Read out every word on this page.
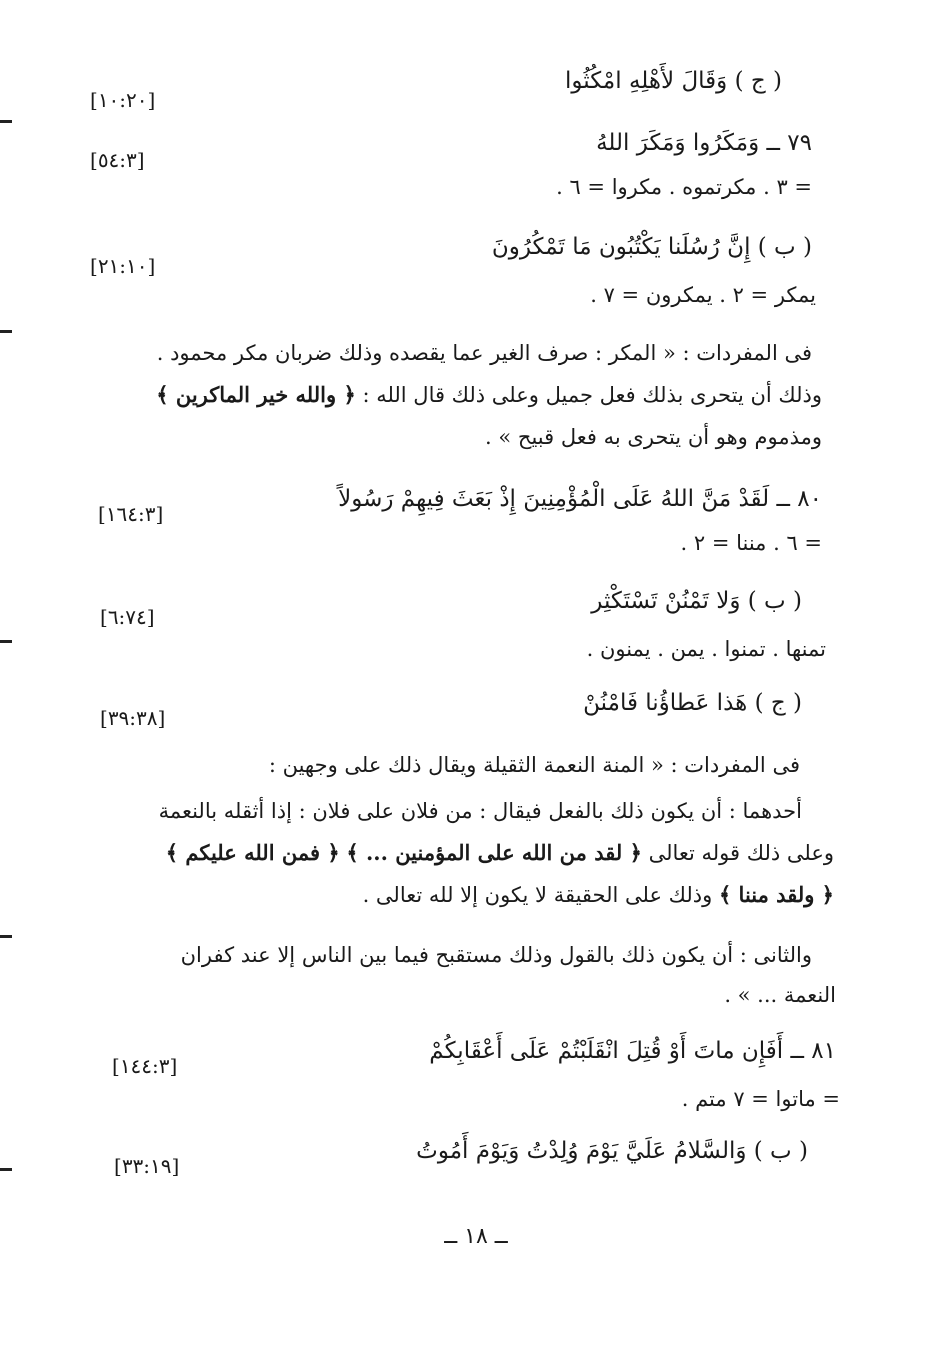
( ج ) وَقَالَ لأَهْلِهِ امْكُثُوا
[١٠:٢٠]
٧٩ ــ وَمَكَرُوا وَمَكَرَ اللهُ
[٥٤:٣]
= ٣ . مكرتموه . مكروا = ٦ .
( ب ) إِنَّ رُسُلَنا يَكْتُبُون مَا تَمْكُرُونَ
[٢١:١٠]
يمكر = ٢ . يمكرون = ٧ .
فى المفردات : « المكر : صرف الغير عما يقصده وذلك ضربان مكر محمود .
وذلك أن يتحرى بذلك فعل جميل وعلى ذلك قال الله : ﴿ والله خير الماكرين ﴾
ومذموم وهو أن يتحرى به فعل قبيح » .
٨٠ ــ لَقَدْ مَنَّ اللهُ عَلَى الْمُؤْمِنِينَ إِذْ بَعَثَ فِيهِمْ رَسُولاً
[١٦٤:٣]
= ٦ . مننا = ٢ .
( ب ) وَلا تَمْنُنْ تَسْتَكْثِر
[٦:٧٤]
تمنها . تمنوا . يمن . يمنون .
( ج ) هَذا عَطاؤُنا فَامْنُنْ
[٣٩:٣٨]
فى المفردات : « المنة النعمة الثقيلة ويقال ذلك على وجهين :
أحدهما : أن يكون ذلك بالفعل فيقال : من فلان على فلان : إذا أثقله بالنعمة
وعلى ذلك قوله تعالى ﴿ لقد من الله على المؤمنين ... ﴾ ﴿ فمن الله عليكم ﴾
﴿ ولقد مننا ﴾ وذلك على الحقيقة لا يكون إلا لله تعالى .
والثانى : أن يكون ذلك بالقول وذلك مستقبح فيما بين الناس إلا عند كفران
النعمة ... » .
٨١ ــ أَفَإِن ماتَ أَوْ قُتِلَ انْقَلَبْتُمْ عَلَى أَعْقَابِكُمْ
[١٤٤:٣]
= ماتوا = ٧ متم .
( ب ) وَالسَّلامُ عَلَيَّ يَوْمَ وُلِدْتُ وَيَوْمَ أَمُوتُ
[٣٣:١٩]
ــ ١٨ ــ
